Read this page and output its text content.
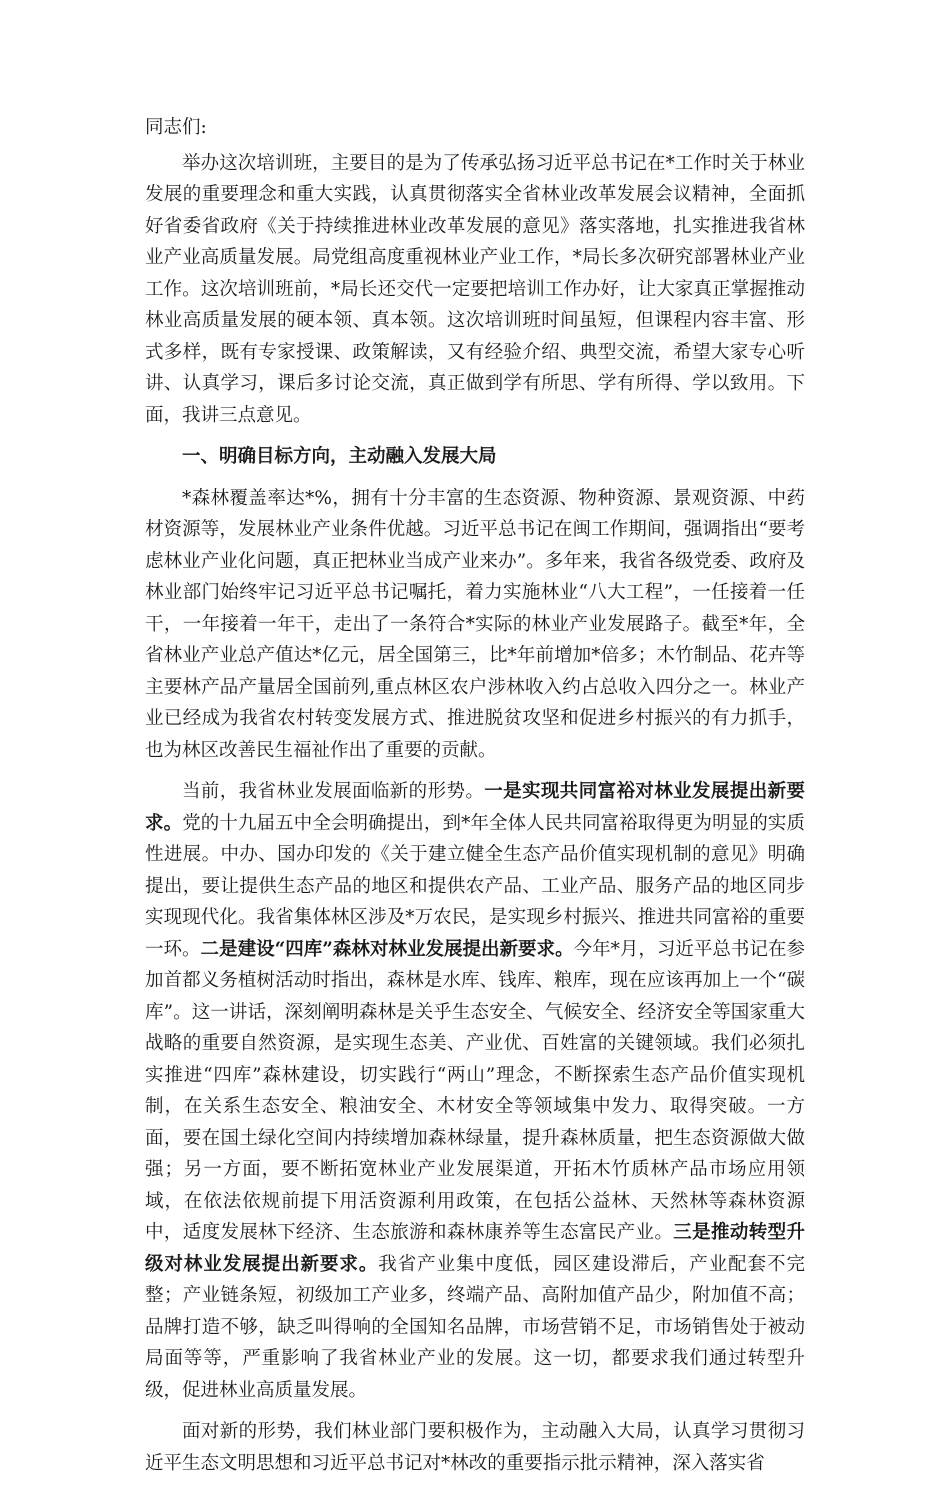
同志们:

举办这次培训班，主要目的是为了传承弘扬习近平总书记在*工作时关于林业发展的重要理念和重大实践，认真贯彻落实全省林业改革发展会议精神，全面抓好省委省政府《关于持续推进林业改革发展的意见》落实落地，扎实推进我省林业产业高质量发展。局党组高度重视林业产业工作，*局长多次研究部署林业产业工作。这次培训班前，*局长还交代一定要把培训工作办好，让大家真正掌握推动林业高质量发展的硬本领、真本领。这次培训班时间虽短，但课程内容丰富、形式多样，既有专家授课、政策解读，又有经验介绍、典型交流，希望大家专心听讲、认真学习，课后多讨论交流，真正做到学有所思、学有所得、学以致用。下面，我讲三点意见。

一、明确目标方向，主动融入发展大局

*森林覆盖率达*%，拥有十分丰富的生态资源、物种资源、景观资源、中药材资源等，发展林业产业条件优越。习近平总书记在闽工作期间，强调指出“要考虑林业产业化问题，真正把林业当成产业来办”。多年来，我省各级党委、政府及林业部门始终牢记习近平总书记嘱托，着力实施林业“八大工程”，一任接着一任干，一年接着一年干，走出了一条符合*实际的林业产业发展路子。截至*年，全省林业产业总产值达*亿元，居全国第三，比*年前增加*倍多；木竹制品、花卉等主要林产品产量居全国前列,重点林区农户涉林收入约占总收入四分之一。林业产业已经成为我省农村转变发展方式、推进脱贫攻坚和促进乡村振兴的有力抓手，也为林区改善民生福祉作出了重要的贡献。

当前，我省林业发展面临新的形势。一是实现共同富裕对林业发展提出新要求。党的十九届五中全会明确提出，到*年全体人民共同富裕取得更为明显的实质性进展。中办、国办印发的《关于建立健全生态产品价值实现机制的意见》明确提出，要让提供生态产品的地区和提供农产品、工业产品、服务产品的地区同步实现现代化。我省集体林区涉及*万农民，是实现乡村振兴、推进共同富裕的重要一环。二是建设“四库”森林对林业发展提出新要求。今年*月，习近平总书记在参加首都义务植树活动时指出，森林是水库、钱库、粮库，现在应该再加上一个“碳库”。这一讲话，深刻阐明森林是关乎生态安全、气候安全、经济安全等国家重大战略的重要自然资源，是实现生态美、产业优、百姓富的关键领域。我们必须扎实推进“四库”森林建设，切实践行“两山”理念，不断探索生态产品价值实现机制，在关系生态安全、粮油安全、木材安全等领域集中发力、取得突破。一方面，要在国土绿化空间内持续增加森林绿量，提升森林质量，把生态资源做大做强；另一方面，要不断拓宽林业产业发展渠道，开拓木竹质林产品市场应用领域，在依法依规前提下用活资源利用政策，在包括公益林、天然林等森林资源中，适度发展林下经济、生态旅游和森林康养等生态富民产业。三是推动转型升级对林业发展提出新要求。我省产业集中度低，园区建设滞后，产业配套不完整；产业链条短，初级加工产业多，终端产品、高附加值产品少，附加值不高；品牌打造不够，缺乏叫得响的全国知名品牌，市场营销不足，市场销售处于被动局面等等，严重影响了我省林业产业的发展。这一切，都要求我们通过转型升级，促进林业高质量发展。

面对新的形势，我们林业部门要积极作为，主动融入大局，认真学习贯彻习近平生态文明思想和习近平总书记对*林改的重要指示批示精神，深入落实省
